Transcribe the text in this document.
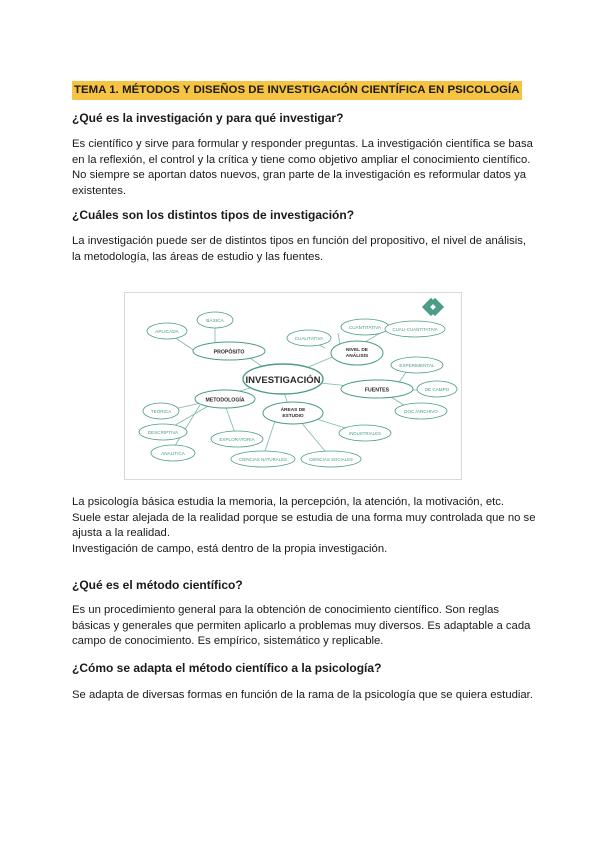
TEMA 1. MÉTODOS Y DISEÑOS DE INVESTIGACIÓN CIENTÍFICA EN PSICOLOGÍA
¿Qué es la investigación y para qué investigar?
Es científico y sirve para formular y responder preguntas. La investigación científica se basa
en la reflexión, el control y la crítica y tiene como objetivo ampliar el conocimiento científico.
No siempre se aportan datos nuevos, gran parte de la investigación es reformular datos ya
existentes.
¿Cuáles son los distintos tipos de investigación?
La investigación puede ser de distintos tipos en función del propositivo, el nivel de análisis,
la metodología, las áreas de estudio y las fuentes.
INVESTIGACIÓN
PROPÓSITO
BÁSICA
APLICADA
NIVEL DE
ANÁLISIS
CUALITATIVA
CUANTITATIVA	CUALI-CUANTITATIVA
FUENTES
EXPERIMENTAL
DE CAMPO
DOC./ARCHIVO
METODOLOGÍA
TEÓRICA
DESCRIPTIVA
EXPLORATORIA
ANALÍTICA
ÁREAS DE
ESTUDIO
CIENCIAS NATURALES	CIENCIAS SOCIALES
INDUSTRIALES
La psicología básica estudia la memoria, la percepción, la atención, la motivación, etc.
Suele estar alejada de la realidad porque se estudia de una forma muy controlada que no se
ajusta a la realidad.
Investigación de campo, está dentro de la propia investigación.
¿Qué es el método científico?
Es un procedimiento general para la obtención de conocimiento científico. Son reglas
básicas y generales que permiten aplicarlo a problemas muy diversos. Es adaptable a cada
campo de conocimiento. Es empírico, sistemático y replicable.
¿Cómo se adapta el método científico a la psicología?
Se adapta de diversas formas en función de la rama de la psicología que se quiera estudiar.
